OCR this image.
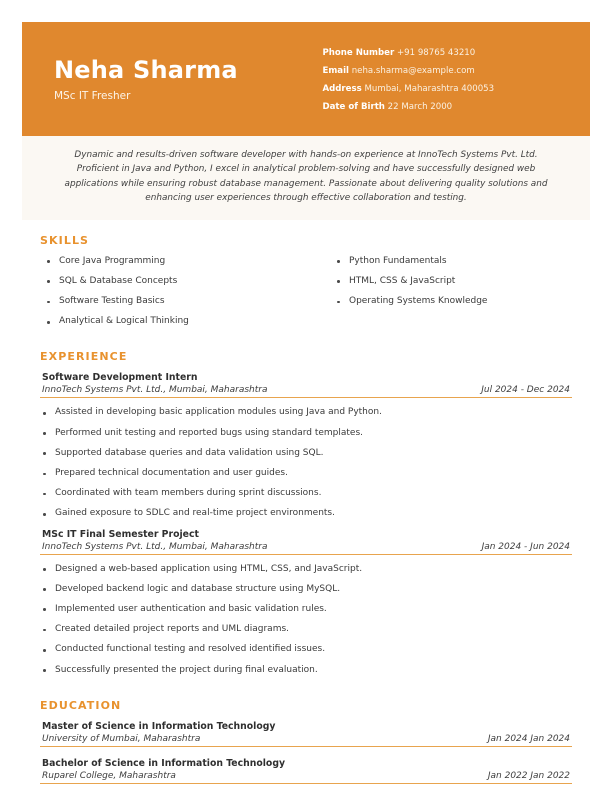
Neha Sharma
MSc IT Fresher
Phone Number +91 98765 43210
Email neha.sharma@example.com
Address Mumbai, Maharashtra 400053
Date of Birth 22 March 2000

Dynamic and results-driven software developer with hands-on experience at InnoTech Systems Pvt. Ltd. Proficient in Java and Python, I excel in analytical problem-solving and have successfully designed web applications while ensuring robust database management. Passionate about delivering quality solutions and enhancing user experiences through effective collaboration and testing.

SKILLS
Core Java Programming
SQL & Database Concepts
Software Testing Basics
Analytical & Logical Thinking
Python Fundamentals
HTML, CSS & JavaScript
Operating Systems Knowledge
EXPERIENCE
Software Development Intern
InnoTech Systems Pvt. Ltd., Mumbai, Maharashtra	Jul 2024 - Dec 2024
Assisted in developing basic application modules using Java and Python.
Performed unit testing and reported bugs using standard templates.
Supported database queries and data validation using SQL.
Prepared technical documentation and user guides.
Coordinated with team members during sprint discussions.
Gained exposure to SDLC and real-time project environments.
MSc IT Final Semester Project
InnoTech Systems Pvt. Ltd., Mumbai, Maharashtra	Jan 2024 - Jun 2024
Designed a web-based application using HTML, CSS, and JavaScript.
Developed backend logic and database structure using MySQL.
Implemented user authentication and basic validation rules.
Created detailed project reports and UML diagrams.
Conducted functional testing and resolved identified issues.
Successfully presented the project during final evaluation.
EDUCATION
Master of Science in Information Technology
University of Mumbai, Maharashtra	Jan 2024 Jan 2024
Bachelor of Science in Information Technology
Ruparel College, Maharashtra	Jan 2022 Jan 2022
